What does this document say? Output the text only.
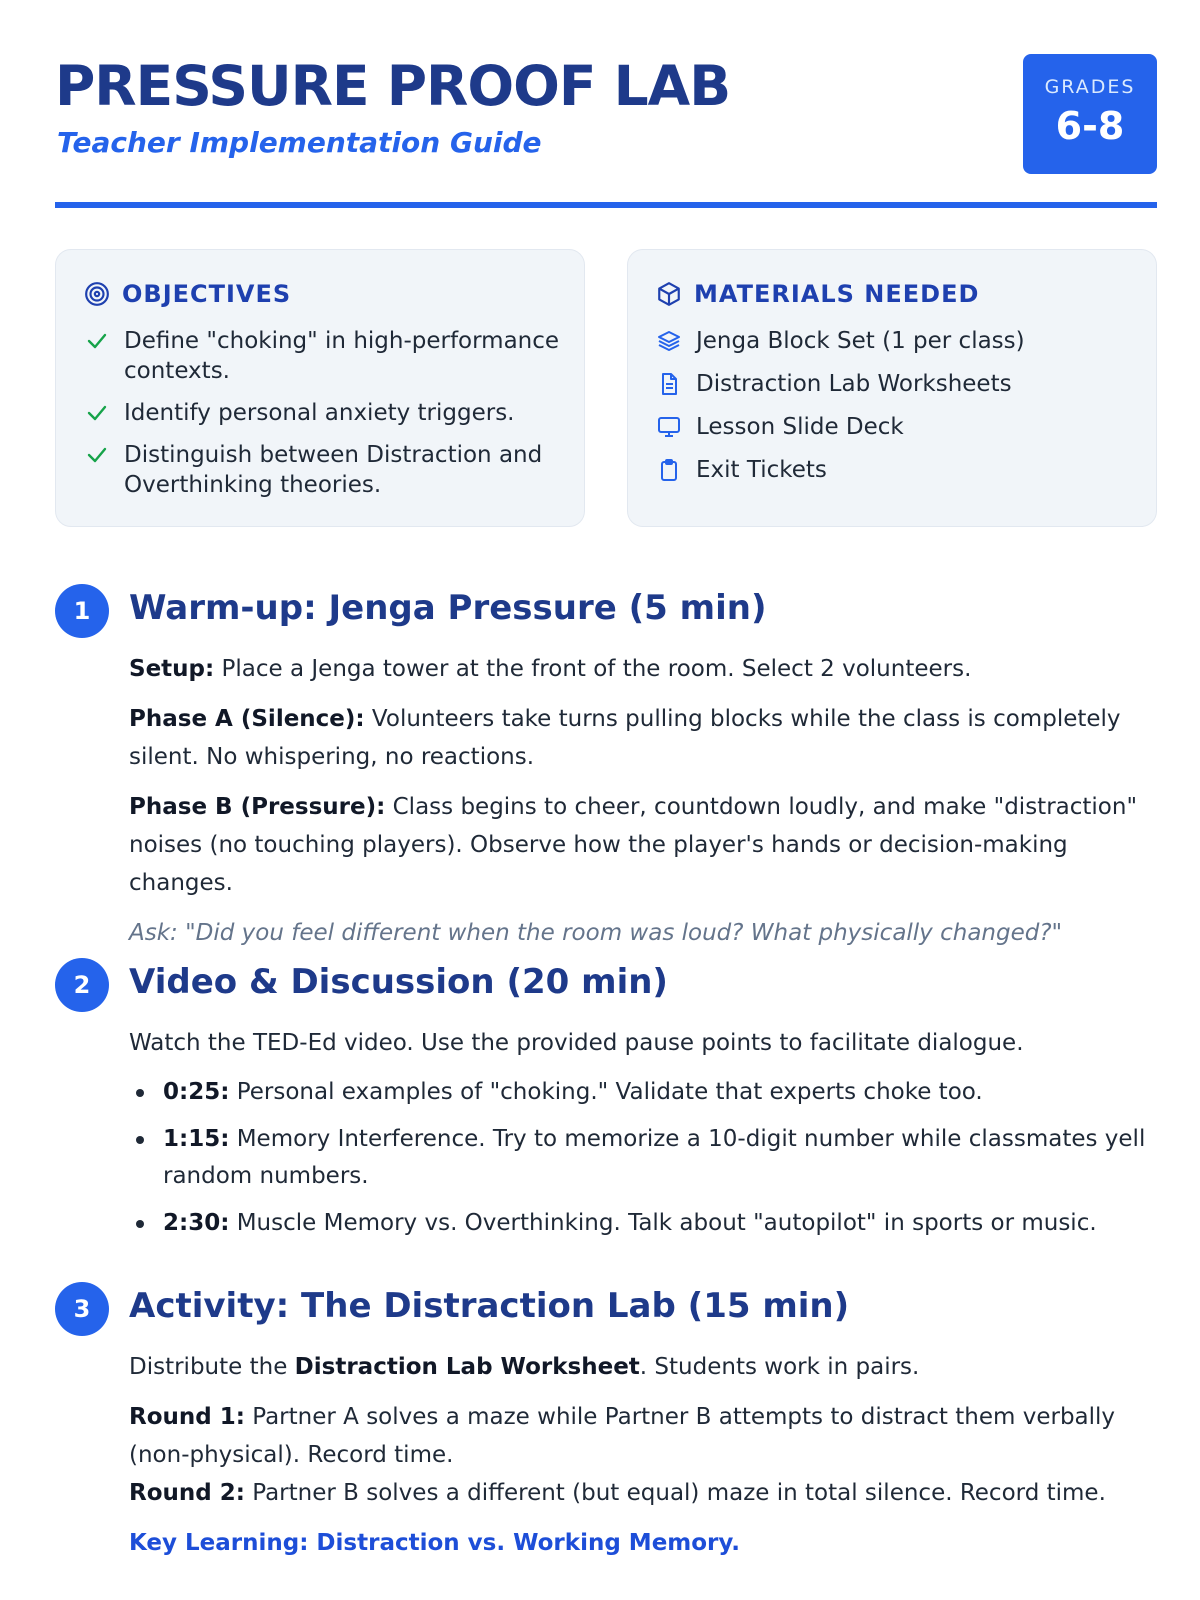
PRESSURE PROOF LAB
Teacher Implementation Guide
GRADES
6-8
OBJECTIVES
Define "choking" in high-performance contexts.
Identify personal anxiety triggers.
Distinguish between Distraction and Overthinking theories.
MATERIALS NEEDED
Jenga Block Set (1 per class)
Distraction Lab Worksheets
Lesson Slide Deck
Exit Tickets
1	Warm-up: Jenga Pressure (5 min)

Setup: Place a Jenga tower at the front of the room. Select 2 volunteers.

Phase A (Silence): Volunteers take turns pulling blocks while the class is completely silent. No whispering, no reactions.

Phase B (Pressure): Class begins to cheer, countdown loudly, and make "distraction" noises (no touching players). Observe how the player's hands or decision-making changes.

Ask: "Did you feel different when the room was loud? What physically changed?"

2	Video & Discussion (20 min)

Watch the TED-Ed video. Use the provided pause points to facilitate dialogue.

0:25: Personal examples of "choking." Validate that experts choke too.
1:15: Memory Interference. Try to memorize a 10-digit number while classmates yell random numbers.
2:30: Muscle Memory vs. Overthinking. Talk about "autopilot" in sports or music.
3	Activity: The Distraction Lab (15 min)

Distribute the Distraction Lab Worksheet. Students work in pairs.

Round 1: Partner A solves a maze while Partner B attempts to distract them verbally (non-physical). Record time.

Round 2: Partner B solves a different (but equal) maze in total silence. Record time.

Key Learning: Distraction vs. Working Memory.
